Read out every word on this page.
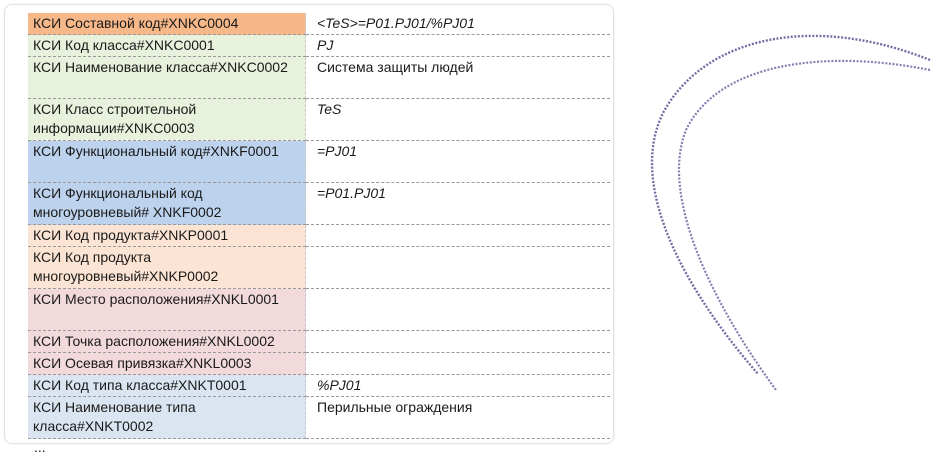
КСИ Составной код#XNKC0004	<TeS>=P01.PJ01/%PJ01
КСИ Код класса#XNKC0001	PJ
КСИ Наименование класса#XNKC0002	Система защиты людей
КСИ Класс строительной информации#XNKC0003	TeS
КСИ Функциональный код#XNKF0001	=PJ01
КСИ Функциональный код многоуровневый# XNKF0002	=P01.PJ01
КСИ Код продукта#XNKP0001	
КСИ Код продукта многоуровневый#XNKP0002	
КСИ Место расположения#XNKL0001	
КСИ Точка расположения#XNKL0002	
КСИ Осевая привязка#XNKL0003	
КСИ Код типа класса#XNKT0001	%PJ01
КСИ Наименование типа класса#XNKT0002	Перильные ограждения
...
